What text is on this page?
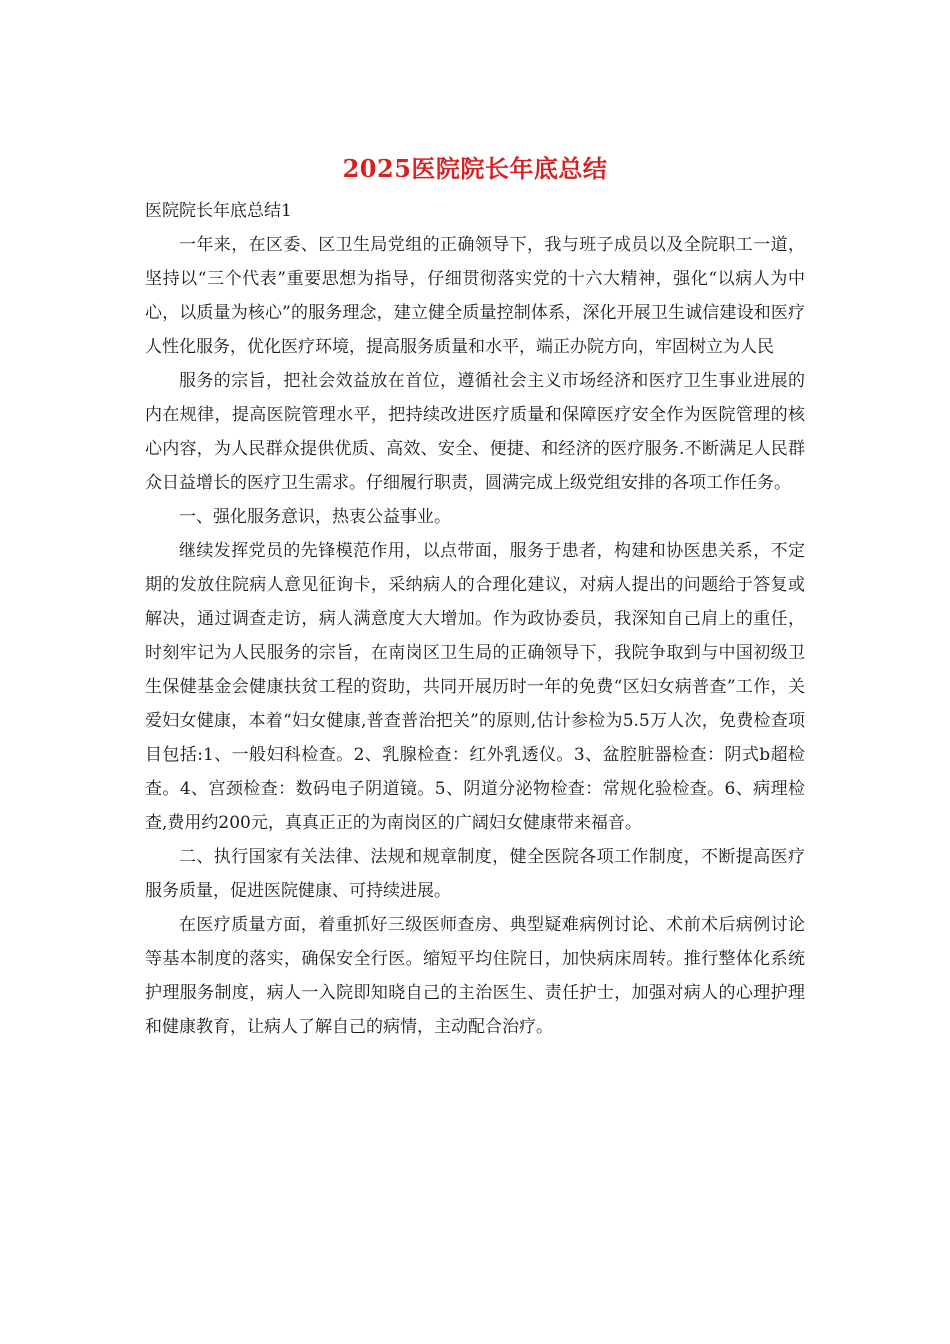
2025医院院长年底总结

医院院长年底总结1

一年来，在区委、区卫生局党组的正确领导下，我与班子成员以及全院职工一道，坚持以“三个代表”重要思想为指导，仔细贯彻落实党的十六大精神，强化“以病人为中心，以质量为核心”的服务理念，建立健全质量控制体系，深化开展卫生诚信建设和医疗人性化服务，优化医疗环境，提高服务质量和水平，端正办院方向，牢固树立为人民

服务的宗旨，把社会效益放在首位，遵循社会主义市场经济和医疗卫生事业进展的内在规律，提高医院管理水平，把持续改进医疗质量和保障医疗安全作为医院管理的核心内容，为人民群众提供优质、高效、安全、便捷、和经济的医疗服务.不断满足人民群众日益增长的医疗卫生需求。仔细履行职责，圆满完成上级党组安排的各项工作任务。

一、强化服务意识，热衷公益事业。

继续发挥党员的先锋模范作用，以点带面，服务于患者，构建和协医患关系，不定期的发放住院病人意见征询卡，采纳病人的合理化建议，对病人提出的问题给于答复或解决，通过调查走访，病人满意度大大增加。作为政协委员，我深知自己肩上的重任，时刻牢记为人民服务的宗旨，在南岗区卫生局的正确领导下，我院争取到与中国初级卫生保健基金会健康扶贫工程的资助，共同开展历时一年的免费“区妇女病普查”工作，关爱妇女健康，本着“妇女健康,普查普治把关”的原则,估计参检为5.5万人次，免费检查项目包括:1、一般妇科检查。2、乳腺检查：红外乳透仪。3、盆腔脏器检查：阴式b超检查。4、宫颈检查：数码电子阴道镜。5、阴道分泌物检查：常规化验检查。6、病理检查,费用约200元，真真正正的为南岗区的广阔妇女健康带来福音。

二、执行国家有关法律、法规和规章制度，健全医院各项工作制度，不断提高医疗服务质量，促进医院健康、可持续进展。

在医疗质量方面，着重抓好三级医师查房、典型疑难病例讨论、术前术后病例讨论等基本制度的落实，确保安全行医。缩短平均住院日，加快病床周转。推行整体化系统护理服务制度，病人一入院即知晓自己的主治医生、责任护士，加强对病人的心理护理和健康教育，让病人了解自己的病情，主动配合治疗。
